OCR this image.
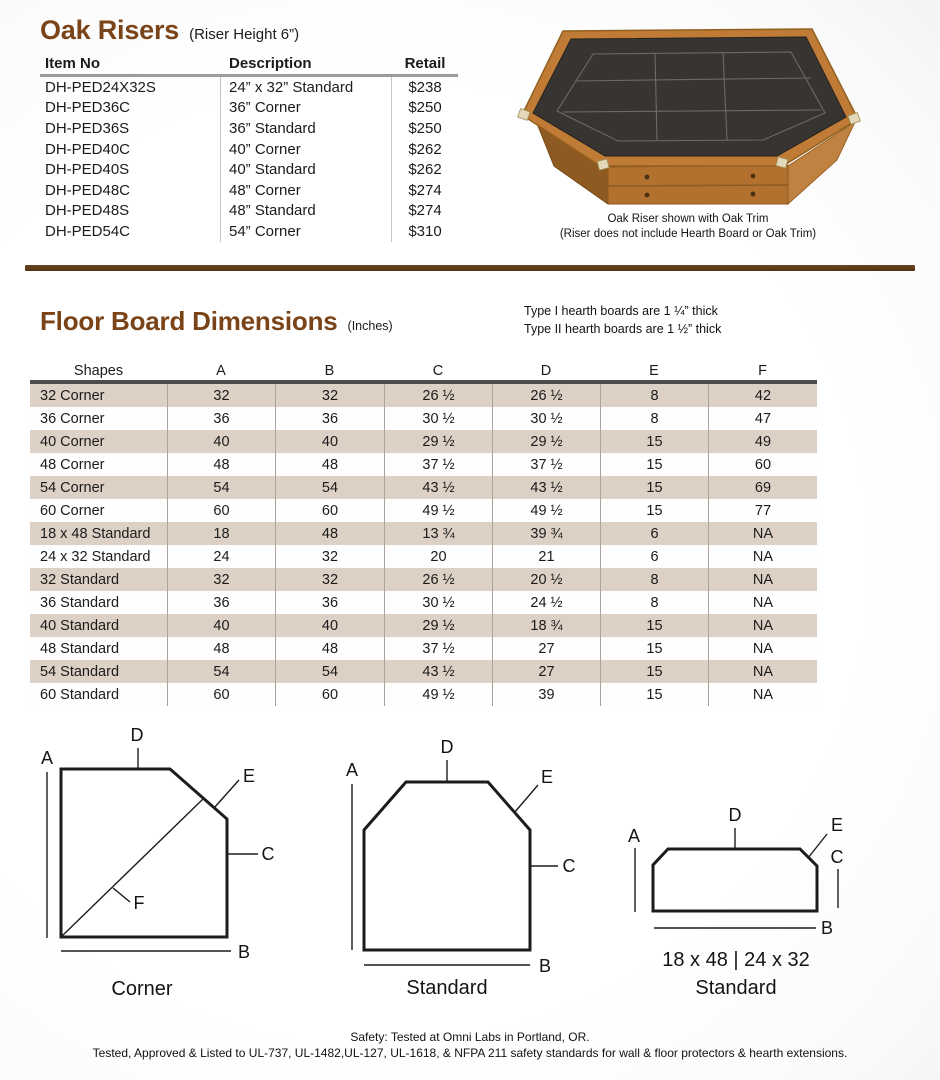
Oak Risers (Riser Height 6”)
Item No	Description	Retail
DH-PED24X32S	24” x 32” Standard	$238
DH-PED36C	36” Corner	$250
DH-PED36S	36” Standard	$250
DH-PED40C	40” Corner	$262
DH-PED40S	40” Standard	$262
DH-PED48C	48” Corner	$274
DH-PED48S	48” Standard	$274
DH-PED54C	54” Corner	$310
Oak Riser shown with Oak Trim
(Riser does not include Hearth Board or Oak Trim)
Floor Board Dimensions (Inches)
Type I hearth boards are 1 ¼” thick
Type II hearth boards are 1 ½” thick
Shapes	A	B	C	D	E	F
32 Corner	32	32	26 ½	26 ½	8	42
36 Corner	36	36	30 ½	30 ½	8	47
40 Corner	40	40	29 ½	29 ½	15	49
48 Corner	48	48	37 ½	37 ½	15	60
54 Corner	54	54	43 ½	43 ½	15	69
60 Corner	60	60	49 ½	49 ½	15	77
18 x 48 Standard	18	48	13 ¾	39 ¾	6	NA
24 x 32 Standard	24	32	20	21	6	NA
32 Standard	32	32	26 ½	20 ½	8	NA
36 Standard	36	36	30 ½	24 ½	8	NA
40 Standard	40	40	29 ½	18 ¾	15	NA
48 Standard	48	48	37 ½	27	15	NA
54 Standard	54	54	43 ½	27	15	NA
60 Standard	60	60	49 ½	39	15	NA
A
D
E
C
F
B
Corner
A
D
E
C
B
Standard
A
D	E
C
B
18 x 48 | 24 x 32
Standard
Safety: Tested at Omni Labs in Portland, OR.
Tested, Approved & Listed to UL-737, UL-1482,UL-127, UL-1618, & NFPA 211 safety standards for wall & floor protectors & hearth extensions.
